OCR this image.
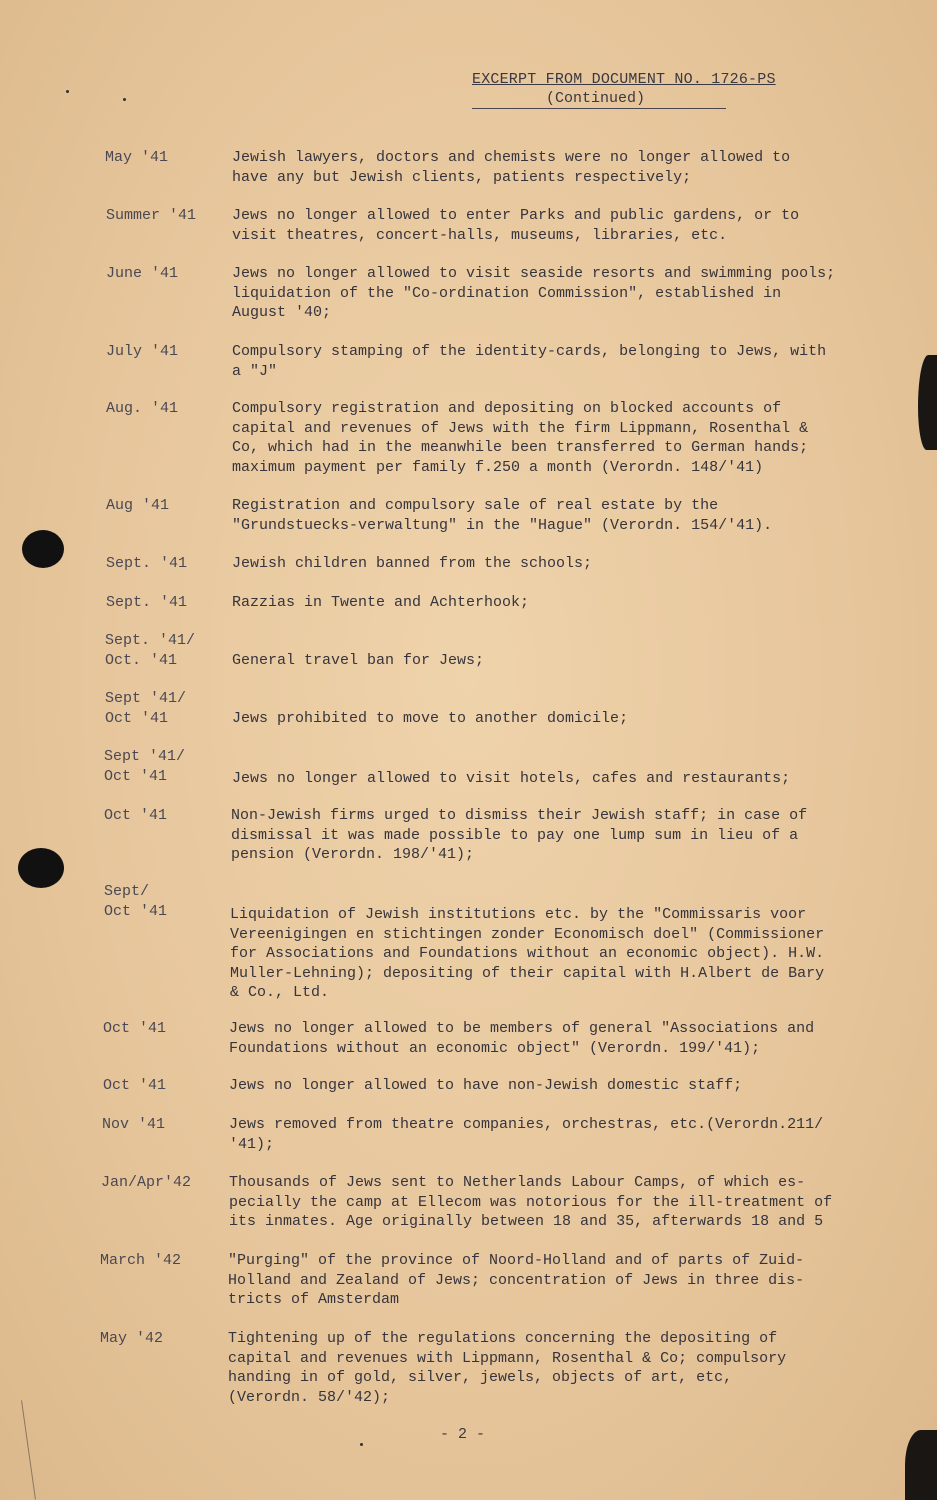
EXCERPT FROM DOCUMENT NO. 1726-PS
(Continued)
May '41	Jewish lawyers, doctors and chemists were no longer allowed to
have any but Jewish clients, patients respectively;
Summer '41 Jews no longer allowed to enter Parks and public gardens, or to
visit theatres, concert-halls, museums, libraries, etc.
June '41	Jews no longer allowed to visit seaside resorts and swimming pools;
liquidation of the "Co-ordination Commission", established in
August '40;
July '41	Compulsory stamping of the identity-cards, belonging to Jews, with
a "J"
Aug. '41	Compulsory registration and depositing on blocked accounts of
capital and revenues of Jews with the firm Lippmann, Rosenthal &
Co, which had in the meanwhile been transferred to German hands;
maximum payment per family f.250 a month (Verordn. 148/'41)
Aug '41	Registration and compulsory sale of real estate by the
"Grundstuecks-verwaltung" in the "Hague" (Verordn. 154/'41).
Sept. '41	Jewish children banned from the schools;
Sept. '41	Razzias in Twente and Achterhook;
Sept. '41/
Oct. '41	General travel ban for Jews;
Sept '41/
Oct '41	Jews prohibited to move to another domicile;
Sept '41/
Oct '41	Jews no longer allowed to visit hotels, cafes and restaurants;
Oct '41	Non-Jewish firms urged to dismiss their Jewish staff; in case of
dismissal it was made possible to pay one lump sum in lieu of a
pension (Verordn. 198/'41);
Sept/
Oct '41	Liquidation of Jewish institutions etc. by the "Commissaris voor
Vereenigingen en stichtingen zonder Economisch doel" (Commissioner
for Associations and Foundations without an economic object). H.W.
Muller-Lehning); depositing of their capital with H.Albert de Bary
& Co., Ltd.
Oct '41	Jews no longer allowed to be members of general "Associations and
Foundations without an economic object" (Verordn. 199/'41);
Oct '41	Jews no longer allowed to have non-Jewish domestic staff;
Nov '41	Jews removed from theatre companies, orchestras, etc.(Verordn.211/
'41);
Jan/Apr'42	Thousands of Jews sent to Netherlands Labour Camps, of which es-
pecially the camp at Ellecom was notorious for the ill-treatment of
its inmates. Age originally between 18 and 35, afterwards 18 and 5
March '42	"Purging" of the province of Noord-Holland and of parts of Zuid-
Holland and Zealand of Jews; concentration of Jews in three dis-
tricts of Amsterdam
May '42	Tightening up of the regulations concerning the depositing of
capital and revenues with Lippmann, Rosenthal & Co; compulsory
handing in of gold, silver, jewels, objects of art, etc,
(Verordn. 58/'42);
- 2 -
